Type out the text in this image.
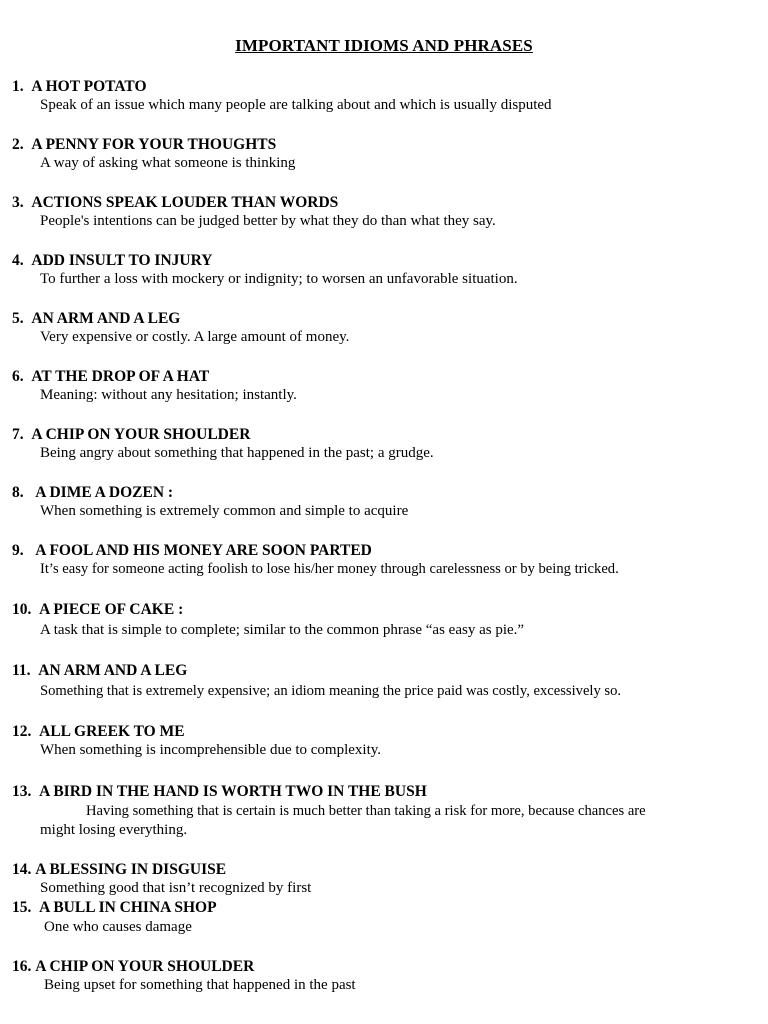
IMPORTANT IDIOMS AND PHRASES
1. A HOT POTATO
Speak of an issue which many people are talking about and which is usually disputed
2. A PENNY FOR YOUR THOUGHTS
A way of asking what someone is thinking
3. ACTIONS SPEAK LOUDER THAN WORDS
People's intentions can be judged better by what they do than what they say.
4. ADD INSULT TO INJURY
To further a loss with mockery or indignity; to worsen an unfavorable situation.
5. AN ARM AND A LEG
Very expensive or costly. A large amount of money.
6. AT THE DROP OF A HAT
Meaning: without any hesitation; instantly.
7. A CHIP ON YOUR SHOULDER
Being angry about something that happened in the past; a grudge.
8. A DIME A DOZEN :
When something is extremely common and simple to acquire
9. A FOOL AND HIS MONEY ARE SOON PARTED
It’s easy for someone acting foolish to lose his/her money through carelessness or by being tricked.
10. A PIECE OF CAKE :
A task that is simple to complete; similar to the common phrase “as easy as pie.”
11. AN ARM AND A LEG
Something that is extremely expensive; an idiom meaning the price paid was costly, excessively so.
12. ALL GREEK TO ME
When something is incomprehensible due to complexity.
13. A BIRD IN THE HAND IS WORTH TWO IN THE BUSH
Having something that is certain is much better than taking a risk for more, because chances are
might losing everything.
14. A BLESSING IN DISGUISE
Something good that isn’t recognized by first
15. A BULL IN CHINA SHOP
One who causes damage
16. A CHIP ON YOUR SHOULDER
Being upset for something that happened in the past
